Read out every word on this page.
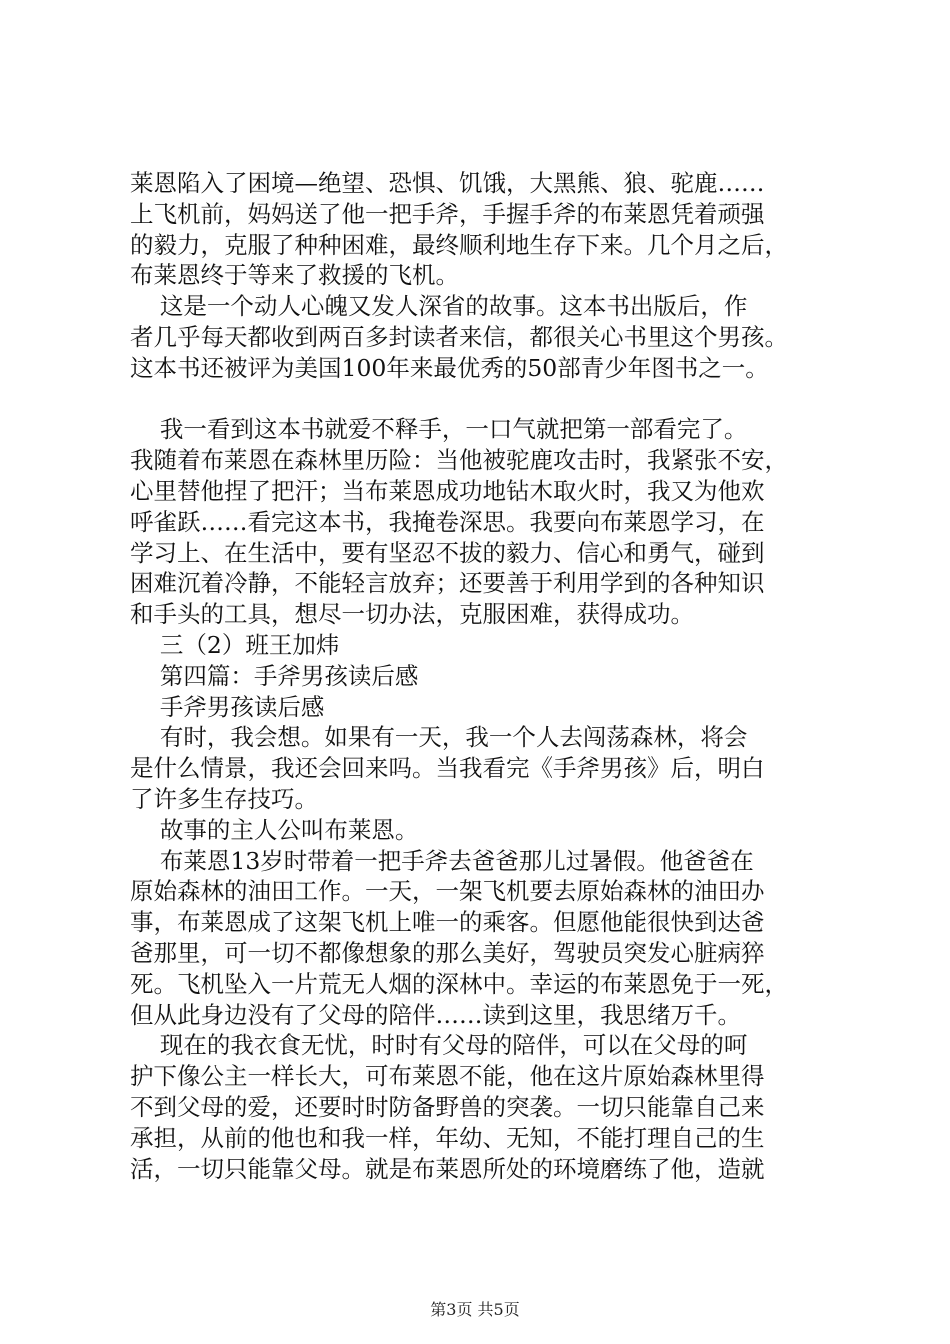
莱恩陷入了困境—绝望、恐惧、饥饿，大黑熊、狼、驼鹿……
上飞机前，妈妈送了他一把手斧，手握手斧的布莱恩凭着顽强
的毅力，克服了种种困难，最终顺利地生存下来。几个月之后，
布莱恩终于等来了救援的飞机。
这是一个动人心魄又发人深省的故事。这本书出版后，作
者几乎每天都收到两百多封读者来信，都很关心书里这个男孩。
这本书还被评为美国100年来最优秀的50部青少年图书之一。
我一看到这本书就爱不释手，一口气就把第一部看完了。
我随着布莱恩在森林里历险：当他被驼鹿攻击时，我紧张不安，
心里替他捏了把汗；当布莱恩成功地钻木取火时，我又为他欢
呼雀跃……看完这本书，我掩卷深思。我要向布莱恩学习，在
学习上、在生活中，要有坚忍不拔的毅力、信心和勇气，碰到
困难沉着冷静，不能轻言放弃；还要善于利用学到的各种知识
和手头的工具，想尽一切办法，克服困难，获得成功。
三（2）班王加炜
第四篇：手斧男孩读后感
手斧男孩读后感
有时，我会想。如果有一天，我一个人去闯荡森林，将会
是什么情景，我还会回来吗。当我看完《手斧男孩》后，明白
了许多生存技巧。
故事的主人公叫布莱恩。
布莱恩13岁时带着一把手斧去爸爸那儿过暑假。他爸爸在
原始森林的油田工作。一天，一架飞机要去原始森林的油田办
事，布莱恩成了这架飞机上唯一的乘客。但愿他能很快到达爸
爸那里，可一切不都像想象的那么美好，驾驶员突发心脏病猝
死。飞机坠入一片荒无人烟的深林中。幸运的布莱恩免于一死，
但从此身边没有了父母的陪伴……读到这里，我思绪万千。
现在的我衣食无忧，时时有父母的陪伴，可以在父母的呵
护下像公主一样长大，可布莱恩不能，他在这片原始森林里得
不到父母的爱，还要时时防备野兽的突袭。一切只能靠自己来
承担，从前的他也和我一样，年幼、无知，不能打理自己的生
活，一切只能靠父母。就是布莱恩所处的环境磨练了他，造就
第3页 共5页
